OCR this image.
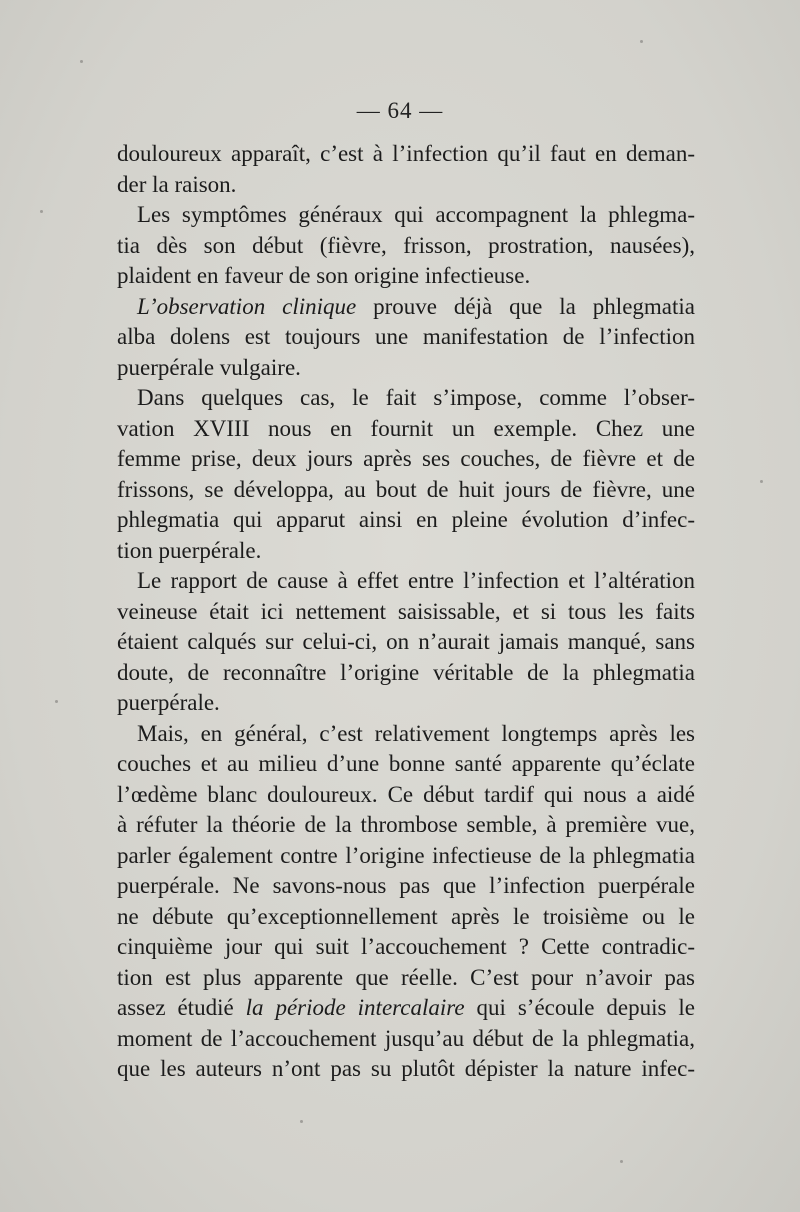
— 64 —
douloureux apparaît, c’est à l’infection qu’il faut en deman-
der la raison.
Les symptômes généraux qui accompagnent la phlegma-
tia dès son début (fièvre, frisson, prostration, nausées),
plaident en faveur de son origine infectieuse.
L’observation clinique prouve déjà que la phlegmatia
alba dolens est toujours une manifestation de l’infection
puerpérale vulgaire.
Dans quelques cas, le fait s’impose, comme l’obser-
vation XVIII nous en fournit un exemple. Chez une
femme prise, deux jours après ses couches, de fièvre et de
frissons, se développa, au bout de huit jours de fièvre, une
phlegmatia qui apparut ainsi en pleine évolution d’infec-
tion puerpérale.
Le rapport de cause à effet entre l’infection et l’altération
veineuse était ici nettement saisissable, et si tous les faits
étaient calqués sur celui-ci, on n’aurait jamais manqué, sans
doute, de reconnaître l’origine véritable de la phlegmatia
puerpérale.
Mais, en général, c’est relativement longtemps après les
couches et au milieu d’une bonne santé apparente qu’éclate
l’œdème blanc douloureux. Ce début tardif qui nous a aidé
à réfuter la théorie de la thrombose semble, à première vue,
parler également contre l’origine infectieuse de la phlegmatia
puerpérale. Ne savons-nous pas que l’infection puerpérale
ne débute qu’exceptionnellement après le troisième ou le
cinquième jour qui suit l’accouchement ? Cette contradic-
tion est plus apparente que réelle. C’est pour n’avoir pas
assez étudié la période intercalaire qui s’écoule depuis le
moment de l’accouchement jusqu’au début de la phlegmatia,
que les auteurs n’ont pas su plutôt dépister la nature infec-
